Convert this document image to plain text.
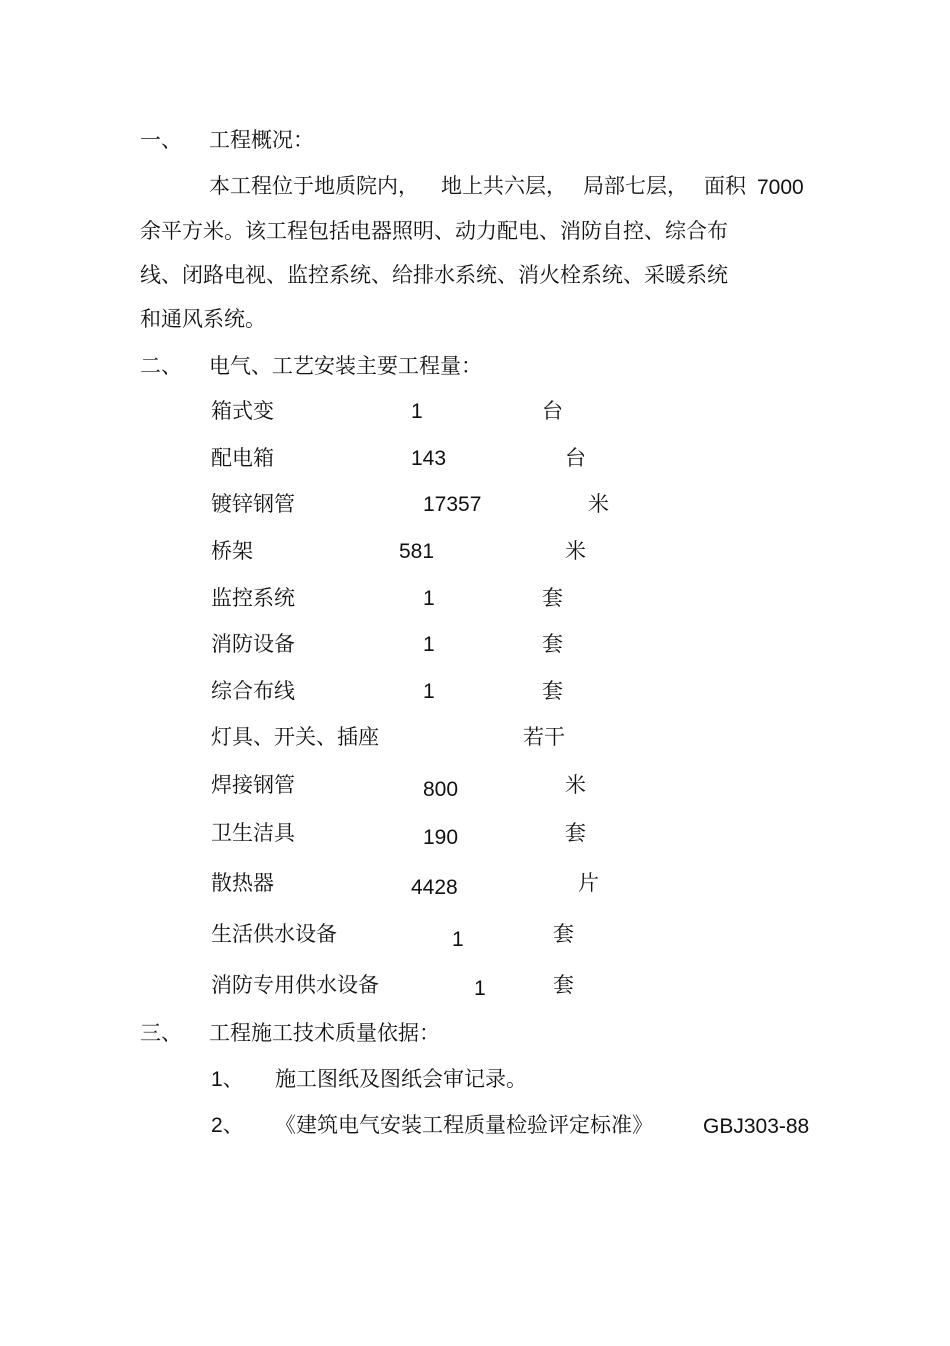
一、 工程概况：
本工程位于地质院内， 地上共六层， 局部七层， 面积 7000
余平方米。该工程包括电器照明、动力配电、消防自控、综合布
线、闭路电视、监控系统、给排水系统、消火栓系统、采暖系统
和通风系统。
二、 电气、工艺安装主要工程量：
箱式变	1	台
配电箱	143	台
镀锌钢管	17357	米
桥架	581	米
监控系统	1	套
消防设备	1	套
综合布线	1	套
灯具、开关、插座	若干
焊接钢管	800	米
卫生洁具	190	套
散热器	4428	片
生活供水设备	1	套
消防专用供水设备	1	套
三、 工程施工技术质量依据：
1、 施工图纸及图纸会审记录。
2、 《建筑电气安装工程质量检验评定标准》 GBJ303-88
